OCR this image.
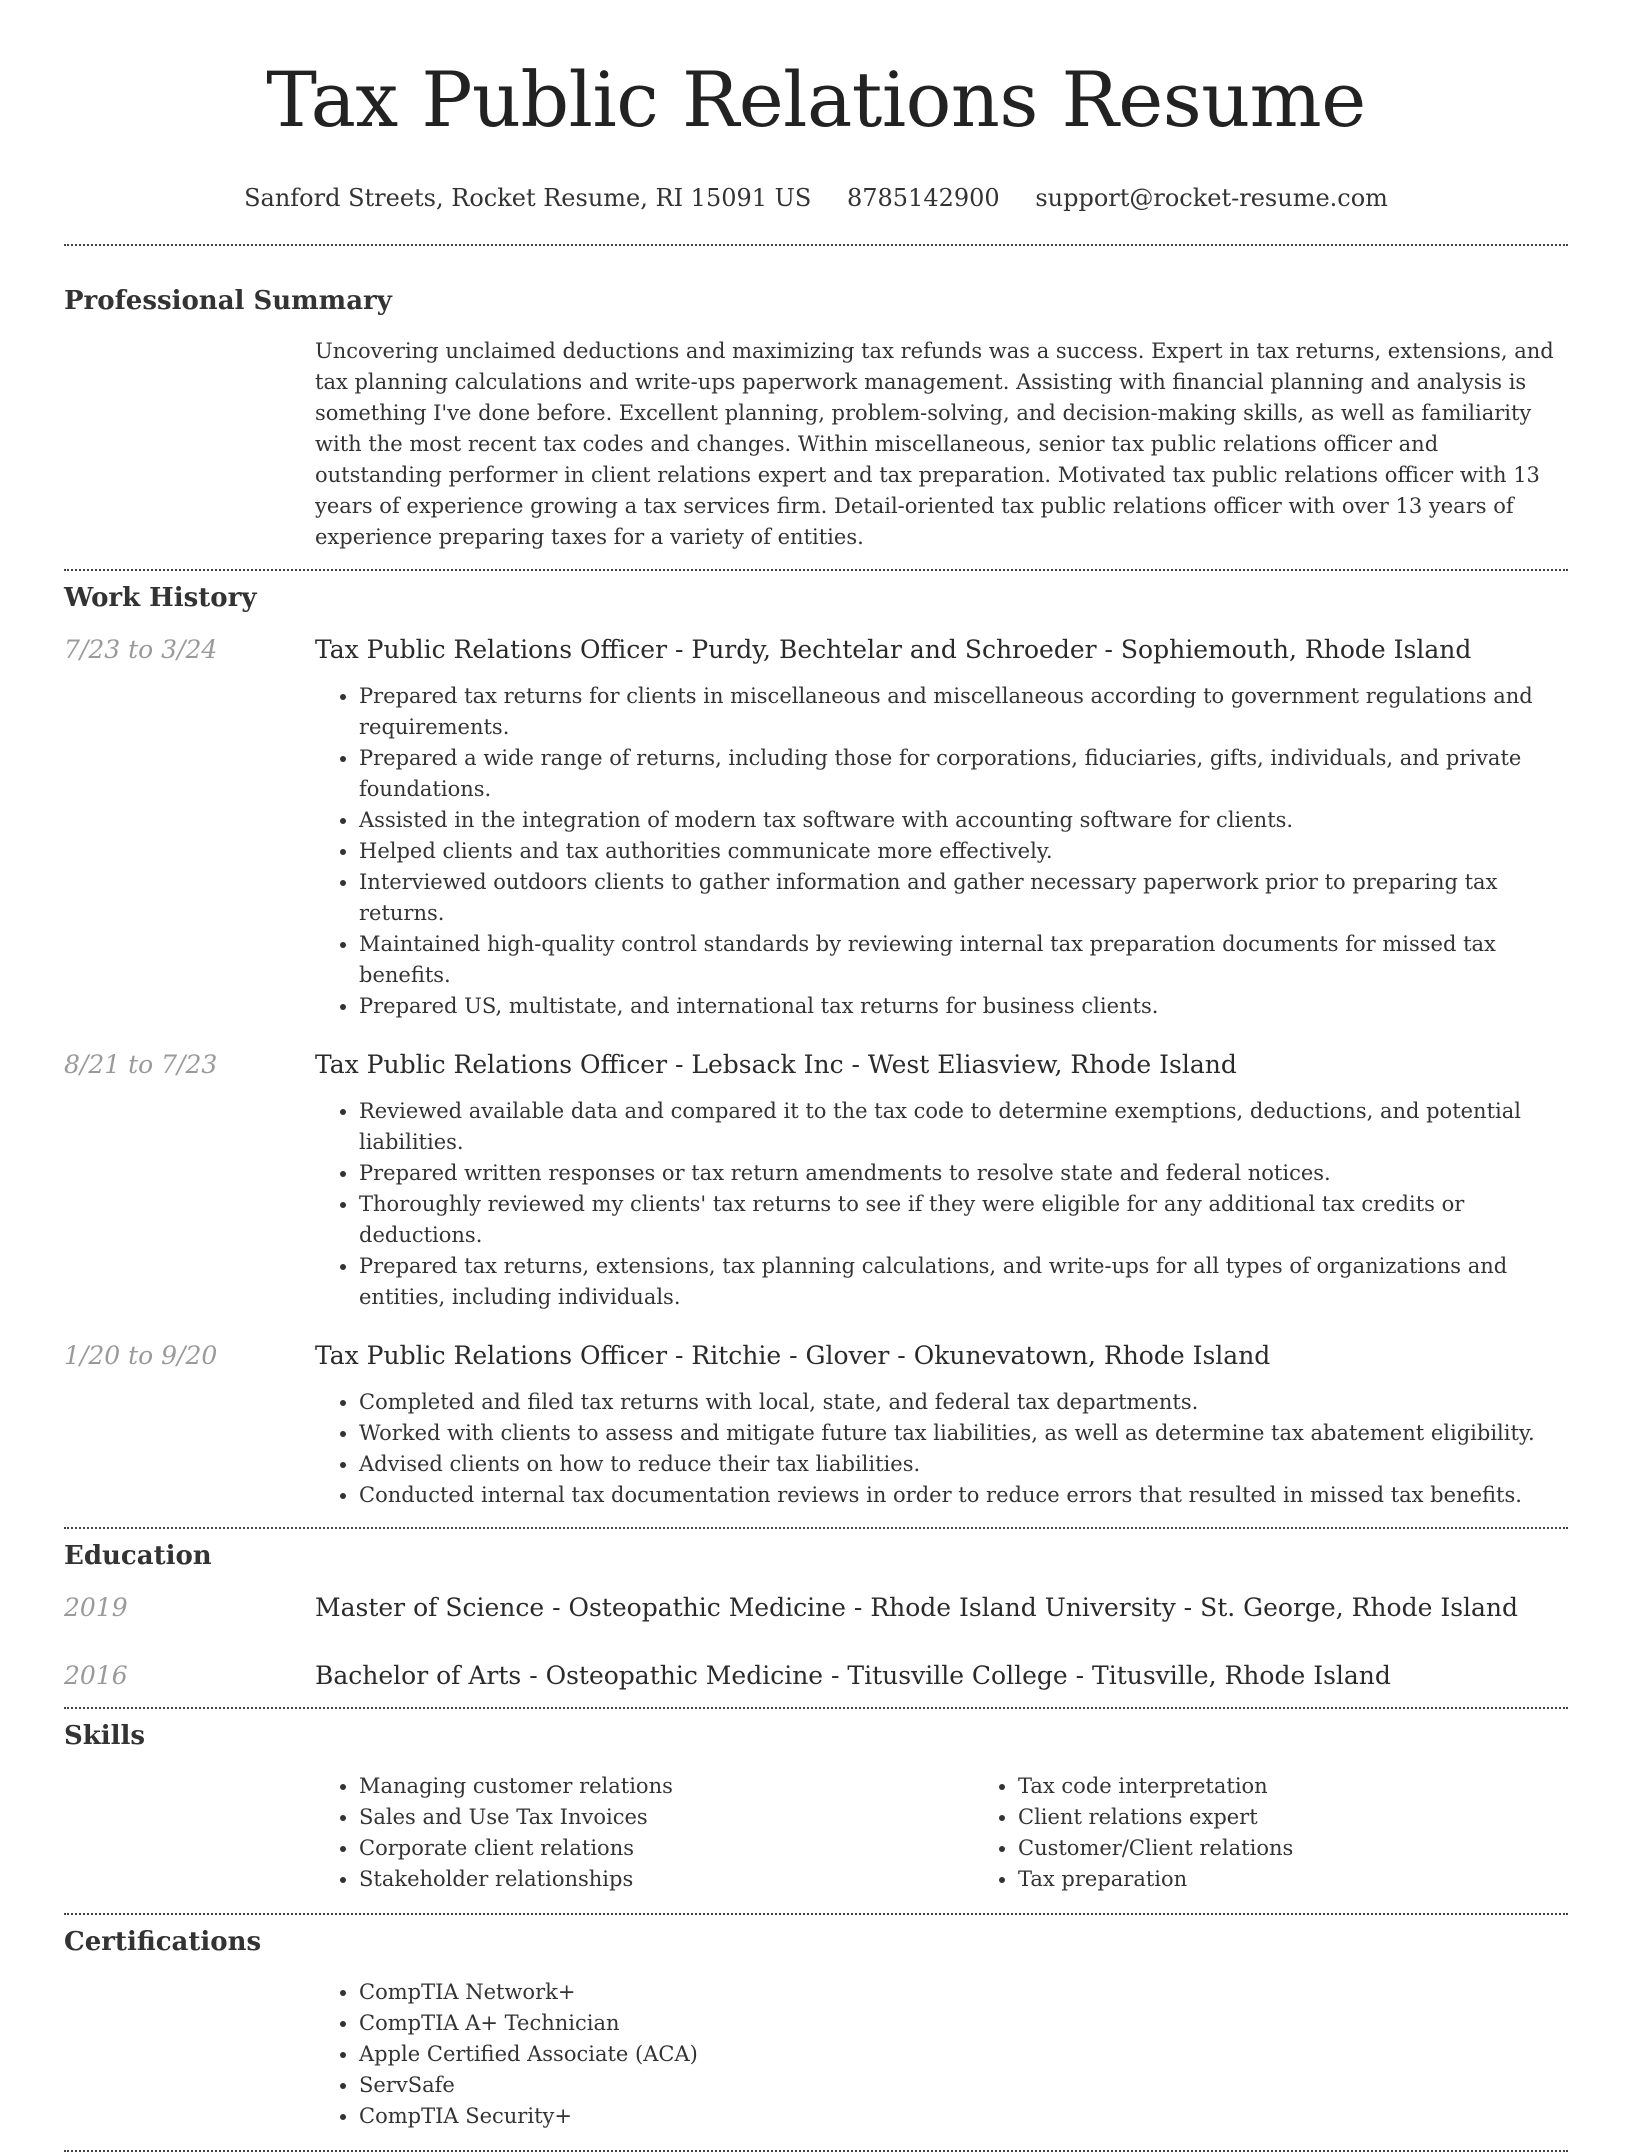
Tax Public Relations Resume
Sanford Streets, Rocket Resume, RI 15091 US 8785142900 support@rocket-resume.com
Professional Summary

Uncovering unclaimed deductions and maximizing tax refunds was a success. Expert in tax returns, extensions, and tax planning calculations and write-ups paperwork management. Assisting with financial planning and analysis is something I've done before. Excellent planning, problem-solving, and decision-making skills, as well as familiarity with the most recent tax codes and changes. Within miscellaneous, senior tax public relations officer and outstanding performer in client relations expert and tax preparation. Motivated tax public relations officer with 13 years of experience growing a tax services firm. Detail-oriented tax public relations officer with over 13 years of experience preparing taxes for a variety of entities.

Work History
7/23 to 3/24	Tax Public Relations Officer - Purdy, Bechtelar and Schroeder - Sophiemouth, Rhode Island
• Prepared tax returns for clients in miscellaneous and miscellaneous according to government regulations and requirements.
• Prepared a wide range of returns, including those for corporations, fiduciaries, gifts, individuals, and private foundations.
• Assisted in the integration of modern tax software with accounting software for clients.
• Helped clients and tax authorities communicate more effectively.
• Interviewed outdoors clients to gather information and gather necessary paperwork prior to preparing tax returns.
• Maintained high-quality control standards by reviewing internal tax preparation documents for missed tax benefits.
• Prepared US, multistate, and international tax returns for business clients.
8/21 to 7/23	Tax Public Relations Officer - Lebsack Inc - West Eliasview, Rhode Island
• Reviewed available data and compared it to the tax code to determine exemptions, deductions, and potential liabilities.
• Prepared written responses or tax return amendments to resolve state and federal notices.
• Thoroughly reviewed my clients' tax returns to see if they were eligible for any additional tax credits or deductions.
• Prepared tax returns, extensions, tax planning calculations, and write-ups for all types of organizations and entities, including individuals.
1/20 to 9/20	Tax Public Relations Officer - Ritchie - Glover - Okunevatown, Rhode Island
• Completed and filed tax returns with local, state, and federal tax departments.
• Worked with clients to assess and mitigate future tax liabilities, as well as determine tax abatement eligibility.
• Advised clients on how to reduce their tax liabilities.
• Conducted internal tax documentation reviews in order to reduce errors that resulted in missed tax benefits.
Education
2019	Master of Science - Osteopathic Medicine - Rhode Island University - St. George, Rhode Island
2016	Bachelor of Arts - Osteopathic Medicine - Titusville College - Titusville, Rhode Island
Skills
• Managing customer relations
• Sales and Use Tax Invoices
• Corporate client relations
• Stakeholder relationships
• Tax code interpretation
• Client relations expert
• Customer/Client relations
• Tax preparation
Certifications
• CompTIA Network+
• CompTIA A+ Technician
• Apple Certified Associate (ACA)
• ServSafe
• CompTIA Security+
